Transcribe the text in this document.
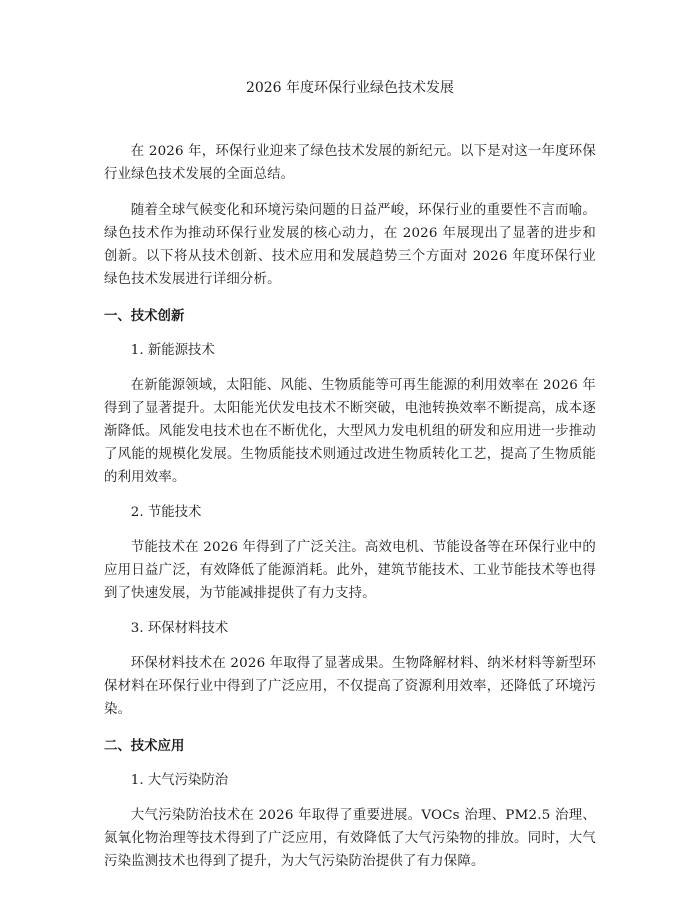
2026 年度环保行业绿色技术发展

在 2026 年，环保行业迎来了绿色技术发展的新纪元。以下是对这一年度环保行业绿色技术发展的全面总结。

随着全球气候变化和环境污染问题的日益严峻，环保行业的重要性不言而喻。绿色技术作为推动环保行业发展的核心动力，在 2026 年展现出了显著的进步和创新。以下将从技术创新、技术应用和发展趋势三个方面对 2026 年度环保行业绿色技术发展进行详细分析。

一、技术创新
1. 新能源技术

在新能源领域，太阳能、风能、生物质能等可再生能源的利用效率在 2026 年得到了显著提升。太阳能光伏发电技术不断突破，电池转换效率不断提高，成本逐渐降低。风能发电技术也在不断优化，大型风力发电机组的研发和应用进一步推动了风能的规模化发展。生物质能技术则通过改进生物质转化工艺，提高了生物质能的利用效率。

2. 节能技术

节能技术在 2026 年得到了广泛关注。高效电机、节能设备等在环保行业中的应用日益广泛，有效降低了能源消耗。此外，建筑节能技术、工业节能技术等也得到了快速发展，为节能减排提供了有力支持。

3. 环保材料技术

环保材料技术在 2026 年取得了显著成果。生物降解材料、纳米材料等新型环保材料在环保行业中得到了广泛应用，不仅提高了资源利用效率，还降低了环境污染。

二、技术应用
1. 大气污染防治

大气污染防治技术在 2026 年取得了重要进展。VOCs 治理、PM2.5 治理、氮氧化物治理等技术得到了广泛应用，有效降低了大气污染物的排放。同时，大气污染监测技术也得到了提升，为大气污染防治提供了有力保障。
